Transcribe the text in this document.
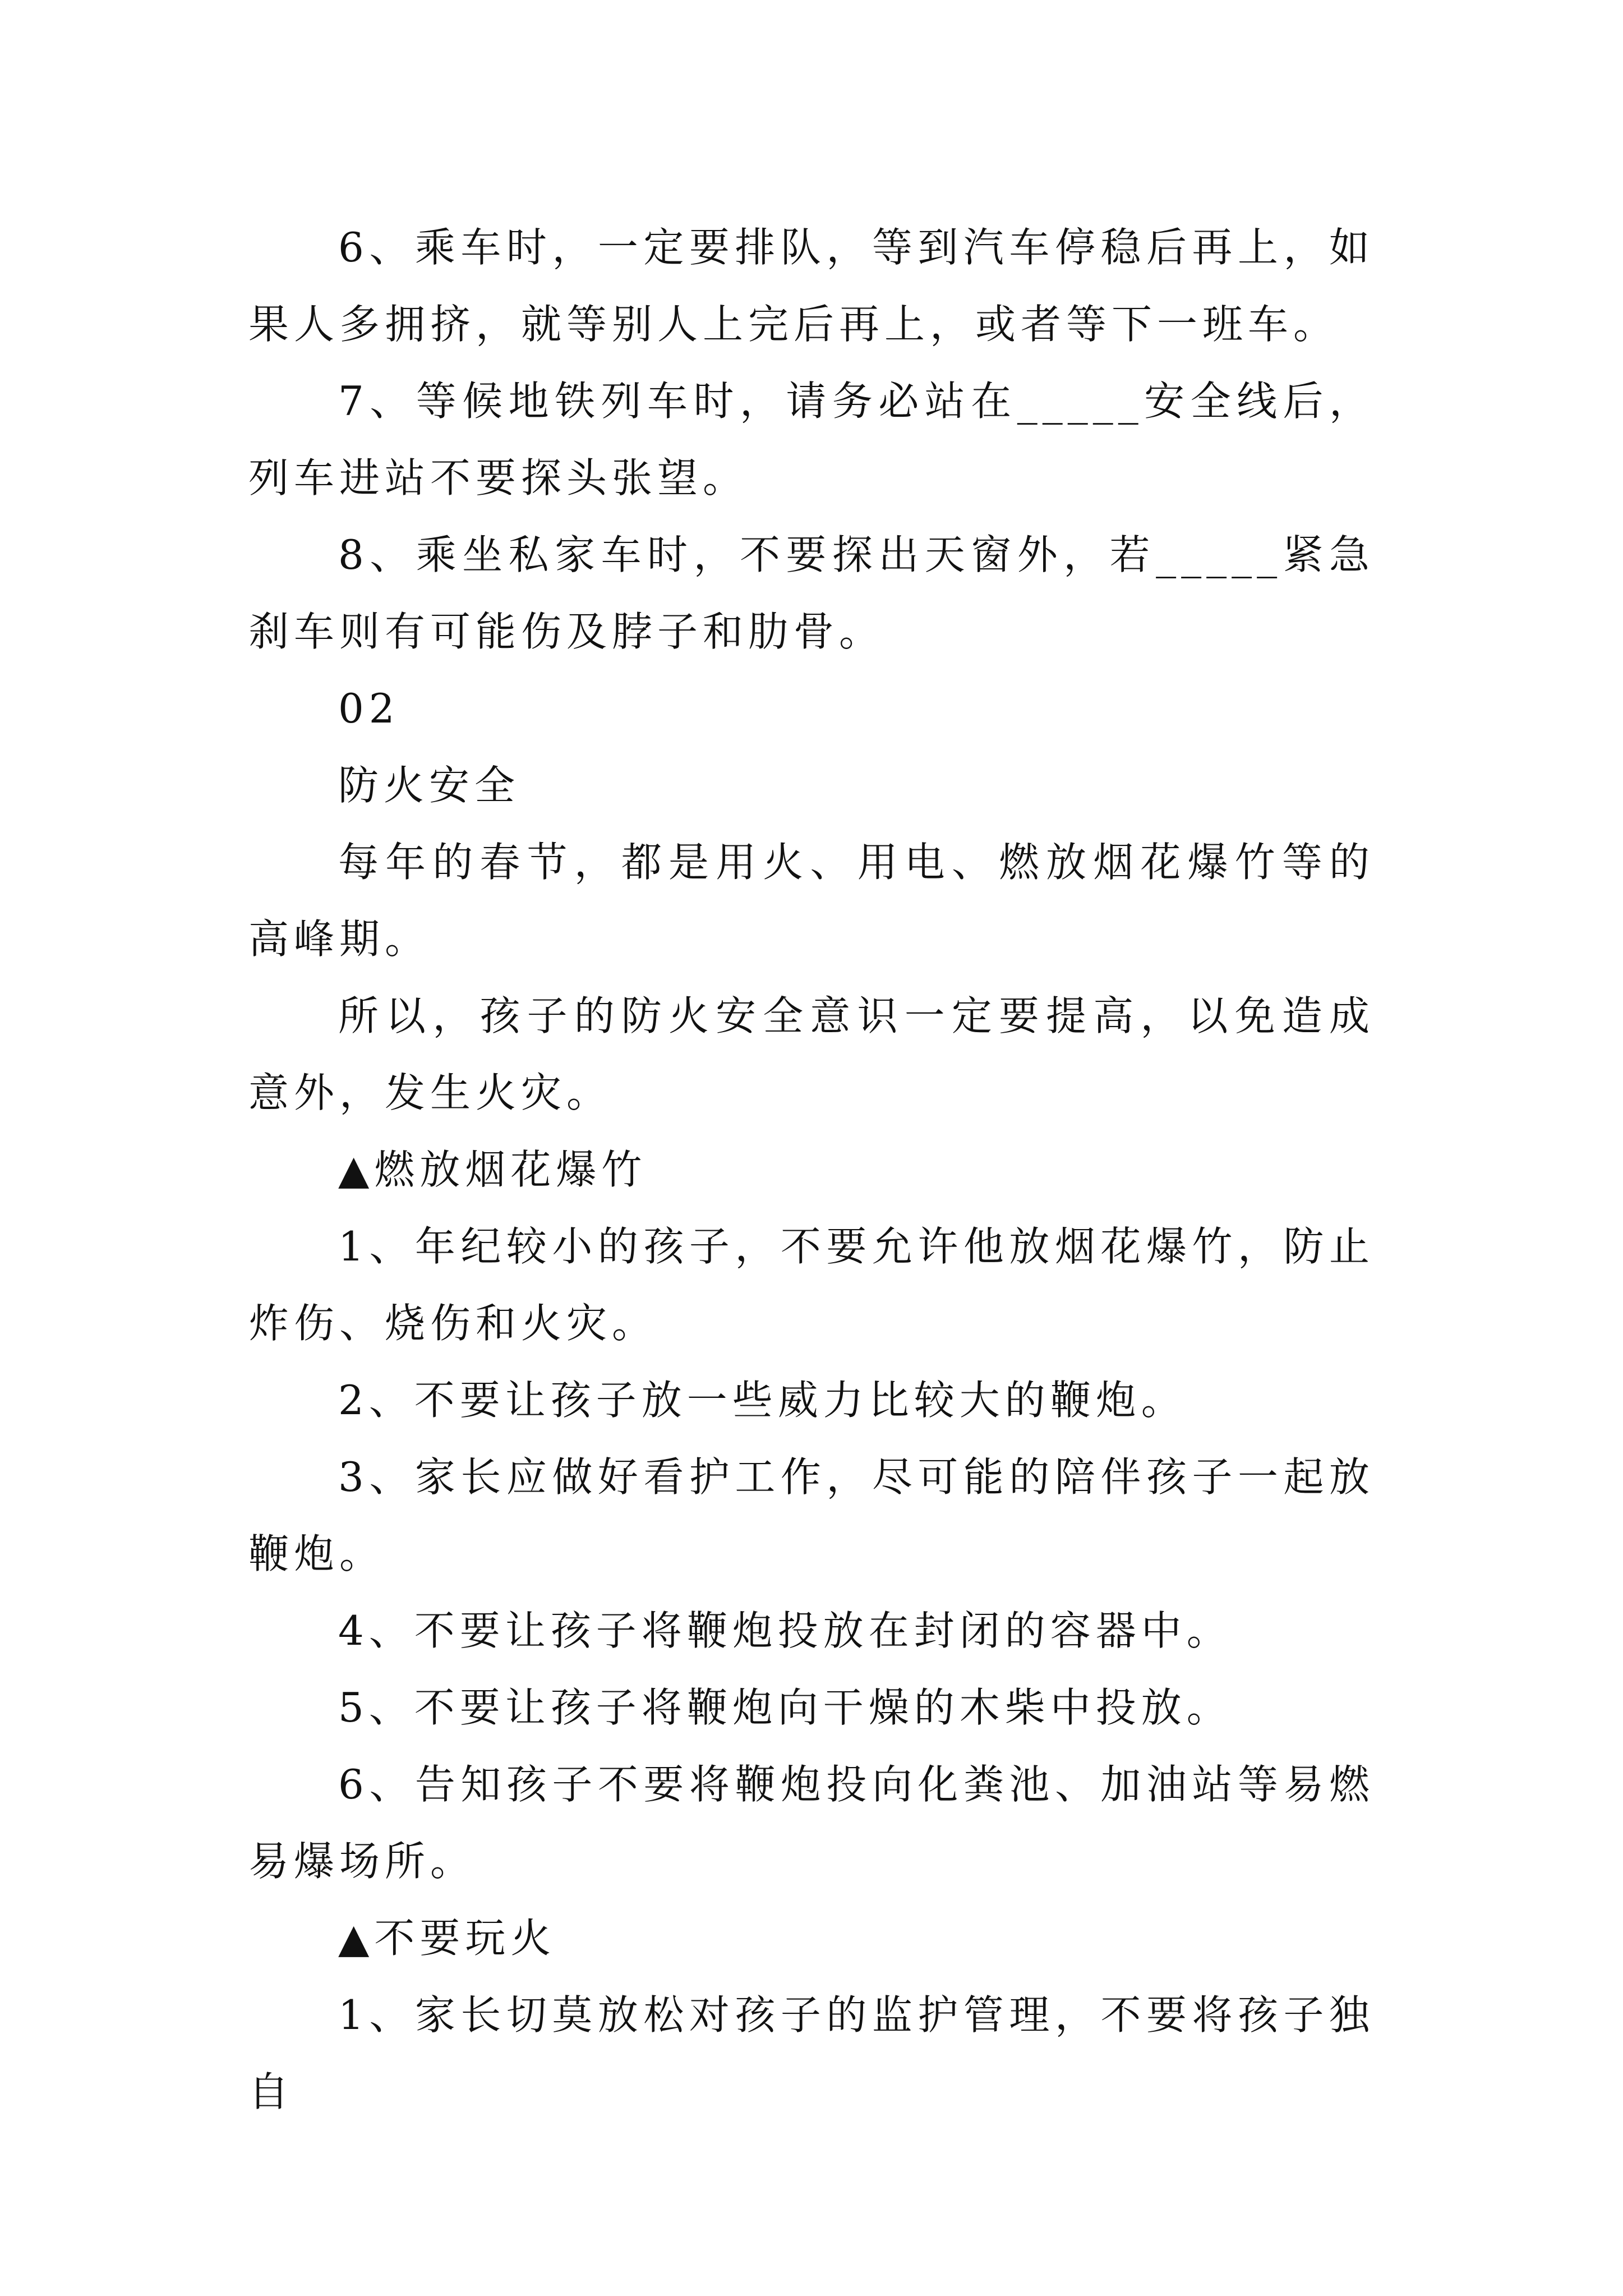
6、乘车时，一定要排队，等到汽车停稳后再上，如果人多拥挤，就等别人上完后再上，或者等下一班车。

7、等候地铁列车时，请务必站在_____安全线后，列车进站不要探头张望。

8、乘坐私家车时，不要探出天窗外，若_____紧急刹车则有可能伤及脖子和肋骨。

02

防火安全

每年的春节，都是用火、用电、燃放烟花爆竹等的高峰期。

所以，孩子的防火安全意识一定要提高，以免造成意外，发生火灾。

▲燃放烟花爆竹

1、年纪较小的孩子，不要允许他放烟花爆竹，防止炸伤、烧伤和火灾。

2、不要让孩子放一些威力比较大的鞭炮。

3、家长应做好看护工作，尽可能的陪伴孩子一起放鞭炮。

4、不要让孩子将鞭炮投放在封闭的容器中。

5、不要让孩子将鞭炮向干燥的木柴中投放。

6、告知孩子不要将鞭炮投向化粪池、加油站等易燃易爆场所。

▲不要玩火

1、家长切莫放松对孩子的监护管理，不要将孩子独自
